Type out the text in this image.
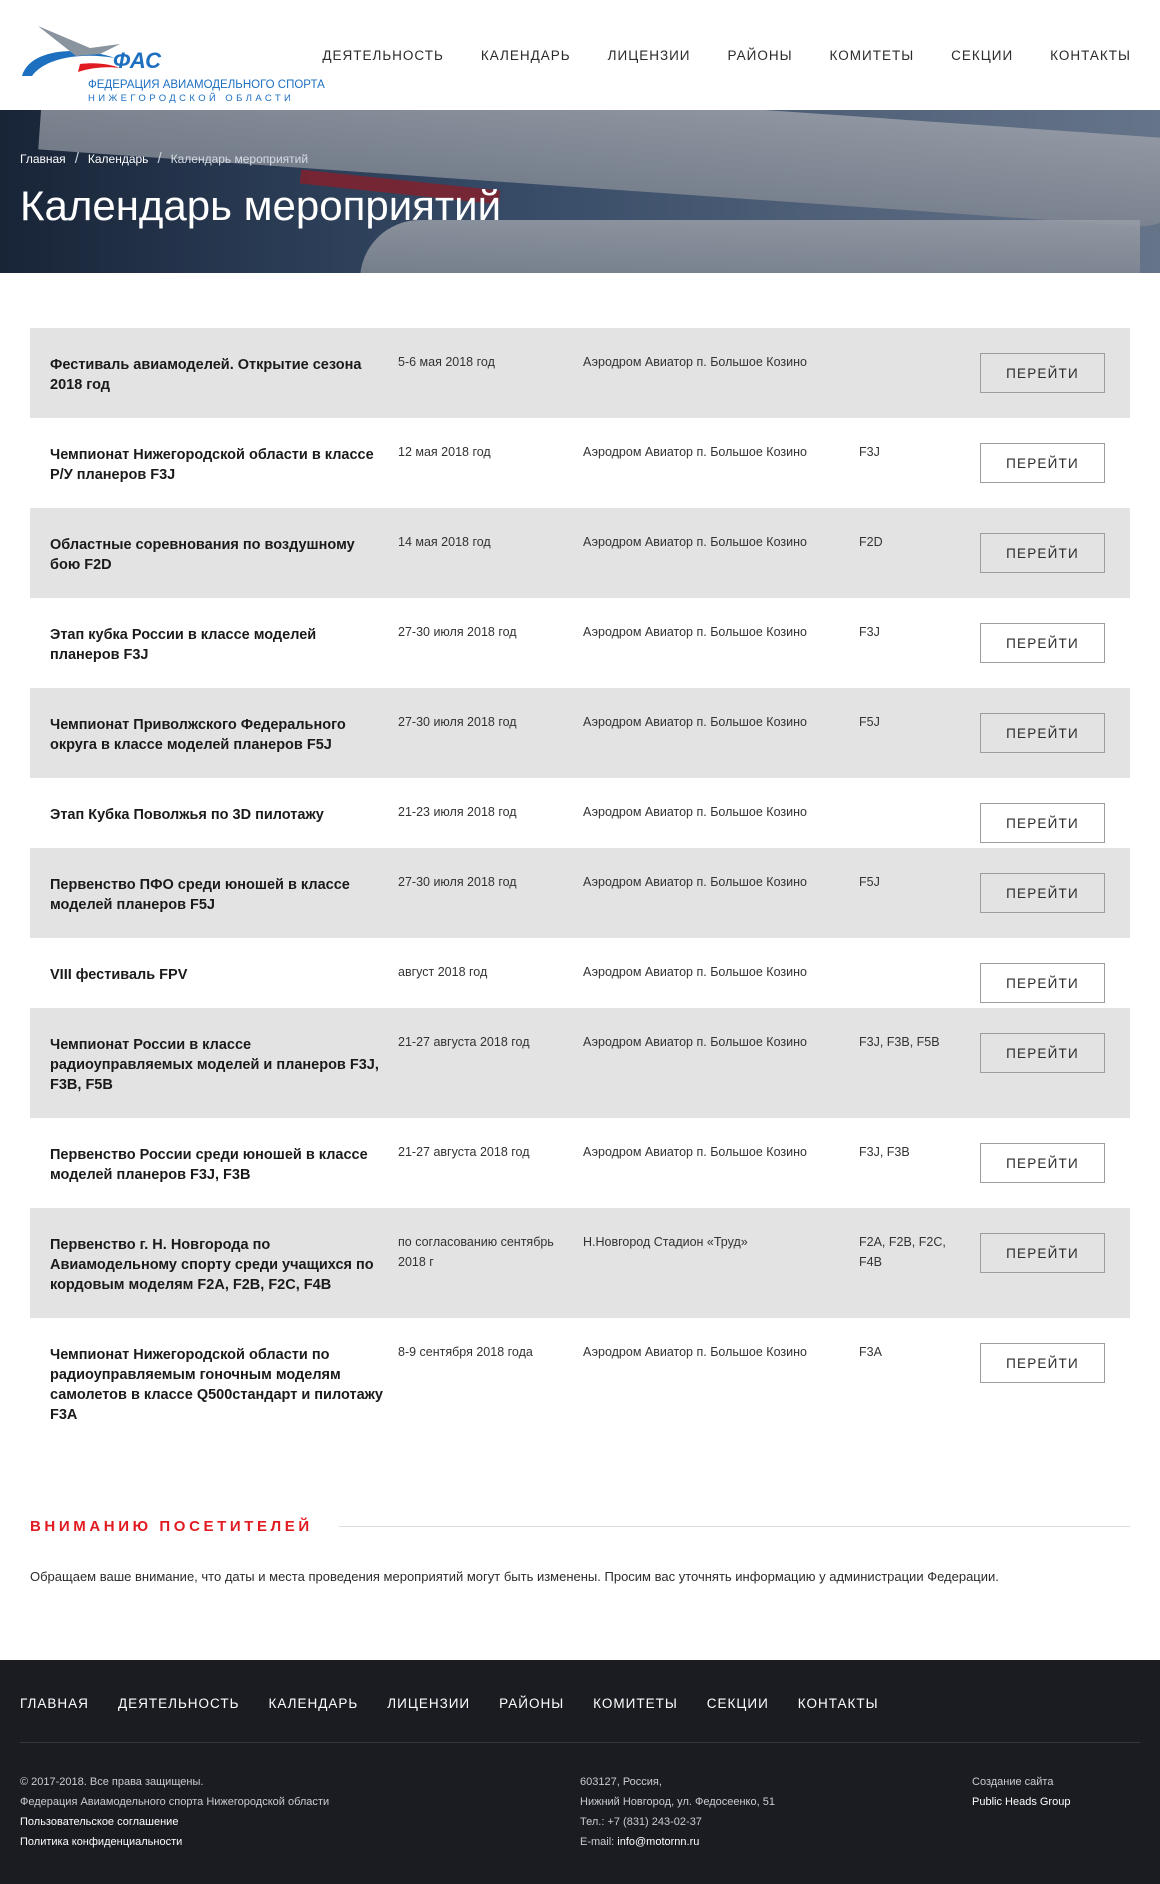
ФАС
ФЕДЕРАЦИЯ АВИАМОДЕЛЬНОГО СПОРТА
НИЖЕГОРОДСКОЙ ОБЛАСТИ
ДЕЯТЕЛЬНОСТЬ	КАЛЕНДАРЬ	ЛИЦЕНЗИИ	РАЙОНЫ	КОМИТЕТЫ	СЕКЦИИ	КОНТАКТЫ
Главная / Календарь / Календарь мероприятий
Календарь мероприятий
Фестиваль авиамоделей. Открытие сезона 2018 год
5-6 мая 2018 год	Аэродром Авиатор п. Большое Козино
ПЕРЕЙТИ
Чемпионат Нижегородской области в классе Р/У планеров F3J
12 мая 2018 год	Аэродром Авиатор п. Большое Козино	F3J
ПЕРЕЙТИ
Областные соревнования по воздушному бою F2D
14 мая 2018 год	Аэродром Авиатор п. Большое Козино	F2D
ПЕРЕЙТИ
Этап кубка России в классе моделей планеров F3J
27-30 июля 2018 год	Аэродром Авиатор п. Большое Козино	F3J
ПЕРЕЙТИ
Чемпионат Приволжского Федерального округа в классе моделей планеров F5J
27-30 июля 2018 год	Аэродром Авиатор п. Большое Козино	F5J
ПЕРЕЙТИ
Этап Кубка Поволжья по 3D пилотажу	21-23 июля 2018 год	Аэродром Авиатор п. Большое Козино
ПЕРЕЙТИ
Первенство ПФО среди юношей в классе моделей планеров F5J
27-30 июля 2018 год	Аэродром Авиатор п. Большое Козино	F5J
ПЕРЕЙТИ
VIII фестиваль FPV	август 2018 год	Аэродром Авиатор п. Большое Козино
ПЕРЕЙТИ
Чемпионат России в классе радиоуправляемых моделей и планеров F3J, F3B, F5B
21-27 августа 2018 год	Аэродром Авиатор п. Большое Козино	F3J, F3B, F5B
ПЕРЕЙТИ
Первенство России среди юношей в классе моделей планеров F3J, F3B
21-27 августа 2018 год	Аэродром Авиатор п. Большое Козино	F3J, F3B
ПЕРЕЙТИ
Первенство г. Н. Новгорода по Авиамодельному спорту среди учащихся по кордовым моделям F2A, F2B, F2C, F4B
по согласованию сентябрь 2018 г
Н.Новгород Стадион «Труд»	F2A, F2B, F2C, F4B
ПЕРЕЙТИ
Чемпионат Нижегородской области по радиоуправляемым гоночным моделям самолетов в классе Q500стандарт и пилотажу F3A
8-9 сентября 2018 года	Аэродром Авиатор п. Большое Козино	F3A
ПЕРЕЙТИ
ВНИМАНИЮ ПОСЕТИТЕЛЕЙ

Обращаем ваше внимание, что даты и места проведения мероприятий могут быть изменены. Просим вас уточнять информацию у администрации Федерации.

ГЛАВНАЯ ДЕЯТЕЛЬНОСТЬ КАЛЕНДАРЬ ЛИЦЕНЗИИ РАЙОНЫ КОМИТЕТЫ СЕКЦИИ КОНТАКТЫ
© 2017-2018. Все права защищены.
Федерация Авиамодельного спорта Нижегородской области
Пользовательское соглашение
Политика конфиденциальности
603127, Россия,
Нижний Новгород, ул. Федосеенко, 51
Тел.: +7 (831) 243-02-37
E-mail: info@motornn.ru
Создание сайта
Public Heads Group
